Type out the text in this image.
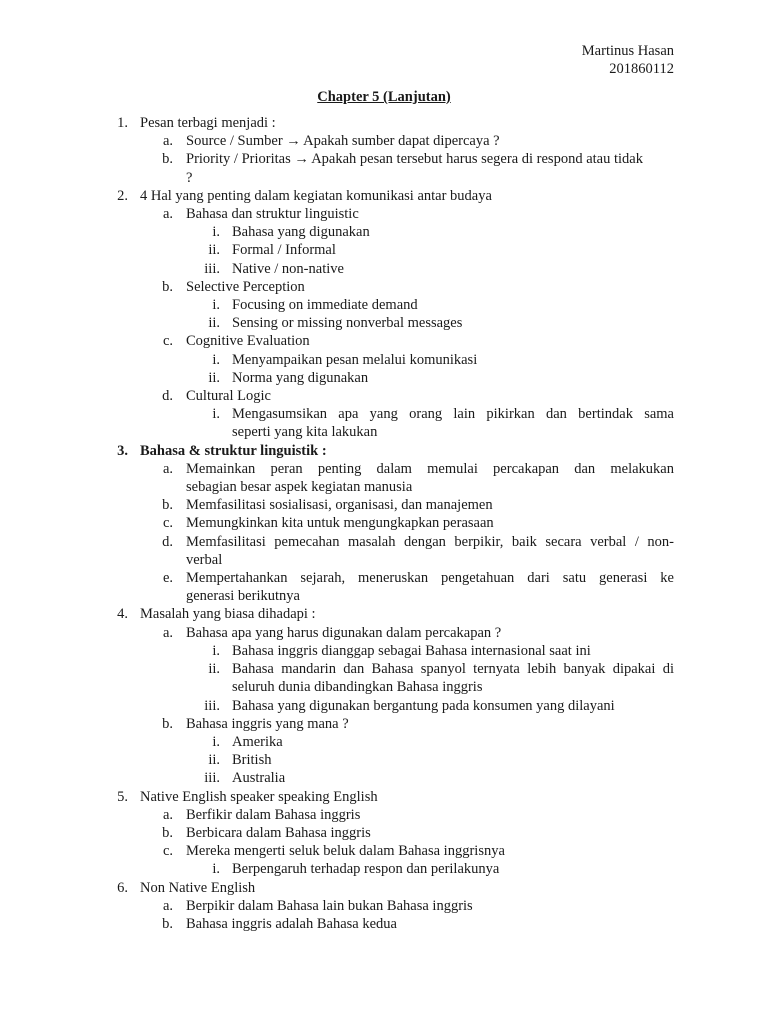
Martinus Hasan
201860112
Chapter 5 (Lanjutan)
1. Pesan terbagi menjadi :
a. Source / Sumber → Apakah sumber dapat dipercaya ?
b. Priority / Prioritas → Apakah pesan tersebut harus segera di respond atau tidak
?
2. 4 Hal yang penting dalam kegiatan komunikasi antar budaya
a. Bahasa dan struktur linguistic
i. Bahasa yang digunakan
ii. Formal / Informal
iii. Native / non-native
b. Selective Perception
i. Focusing on immediate demand
ii. Sensing or missing nonverbal messages
c. Cognitive Evaluation
i. Menyampaikan pesan melalui komunikasi
ii. Norma yang digunakan
d. Cultural Logic
i. Mengasumsikan apa yang orang lain pikirkan dan bertindak sama
seperti yang kita lakukan
3. Bahasa & struktur linguistik :
a. Memainkan peran penting dalam memulai percakapan dan melakukan
sebagian besar aspek kegiatan manusia
b. Memfasilitasi sosialisasi, organisasi, dan manajemen
c. Memungkinkan kita untuk mengungkapkan perasaan
d. Memfasilitasi pemecahan masalah dengan berpikir, baik secara verbal / non-
verbal
e. Mempertahankan sejarah, meneruskan pengetahuan dari satu generasi ke
generasi berikutnya
4. Masalah yang biasa dihadapi :
a. Bahasa apa yang harus digunakan dalam percakapan ?
i. Bahasa inggris dianggap sebagai Bahasa internasional saat ini
ii. Bahasa mandarin dan Bahasa spanyol ternyata lebih banyak dipakai di
seluruh dunia dibandingkan Bahasa inggris
iii. Bahasa yang digunakan bergantung pada konsumen yang dilayani
b. Bahasa inggris yang mana ?
i. Amerika
ii. British
iii. Australia
5. Native English speaker speaking English
a. Berfikir dalam Bahasa inggris
b. Berbicara dalam Bahasa inggris
c. Mereka mengerti seluk beluk dalam Bahasa inggrisnya
i. Berpengaruh terhadap respon dan perilakunya
6. Non Native English
a. Berpikir dalam Bahasa lain bukan Bahasa inggris
b. Bahasa inggris adalah Bahasa kedua
